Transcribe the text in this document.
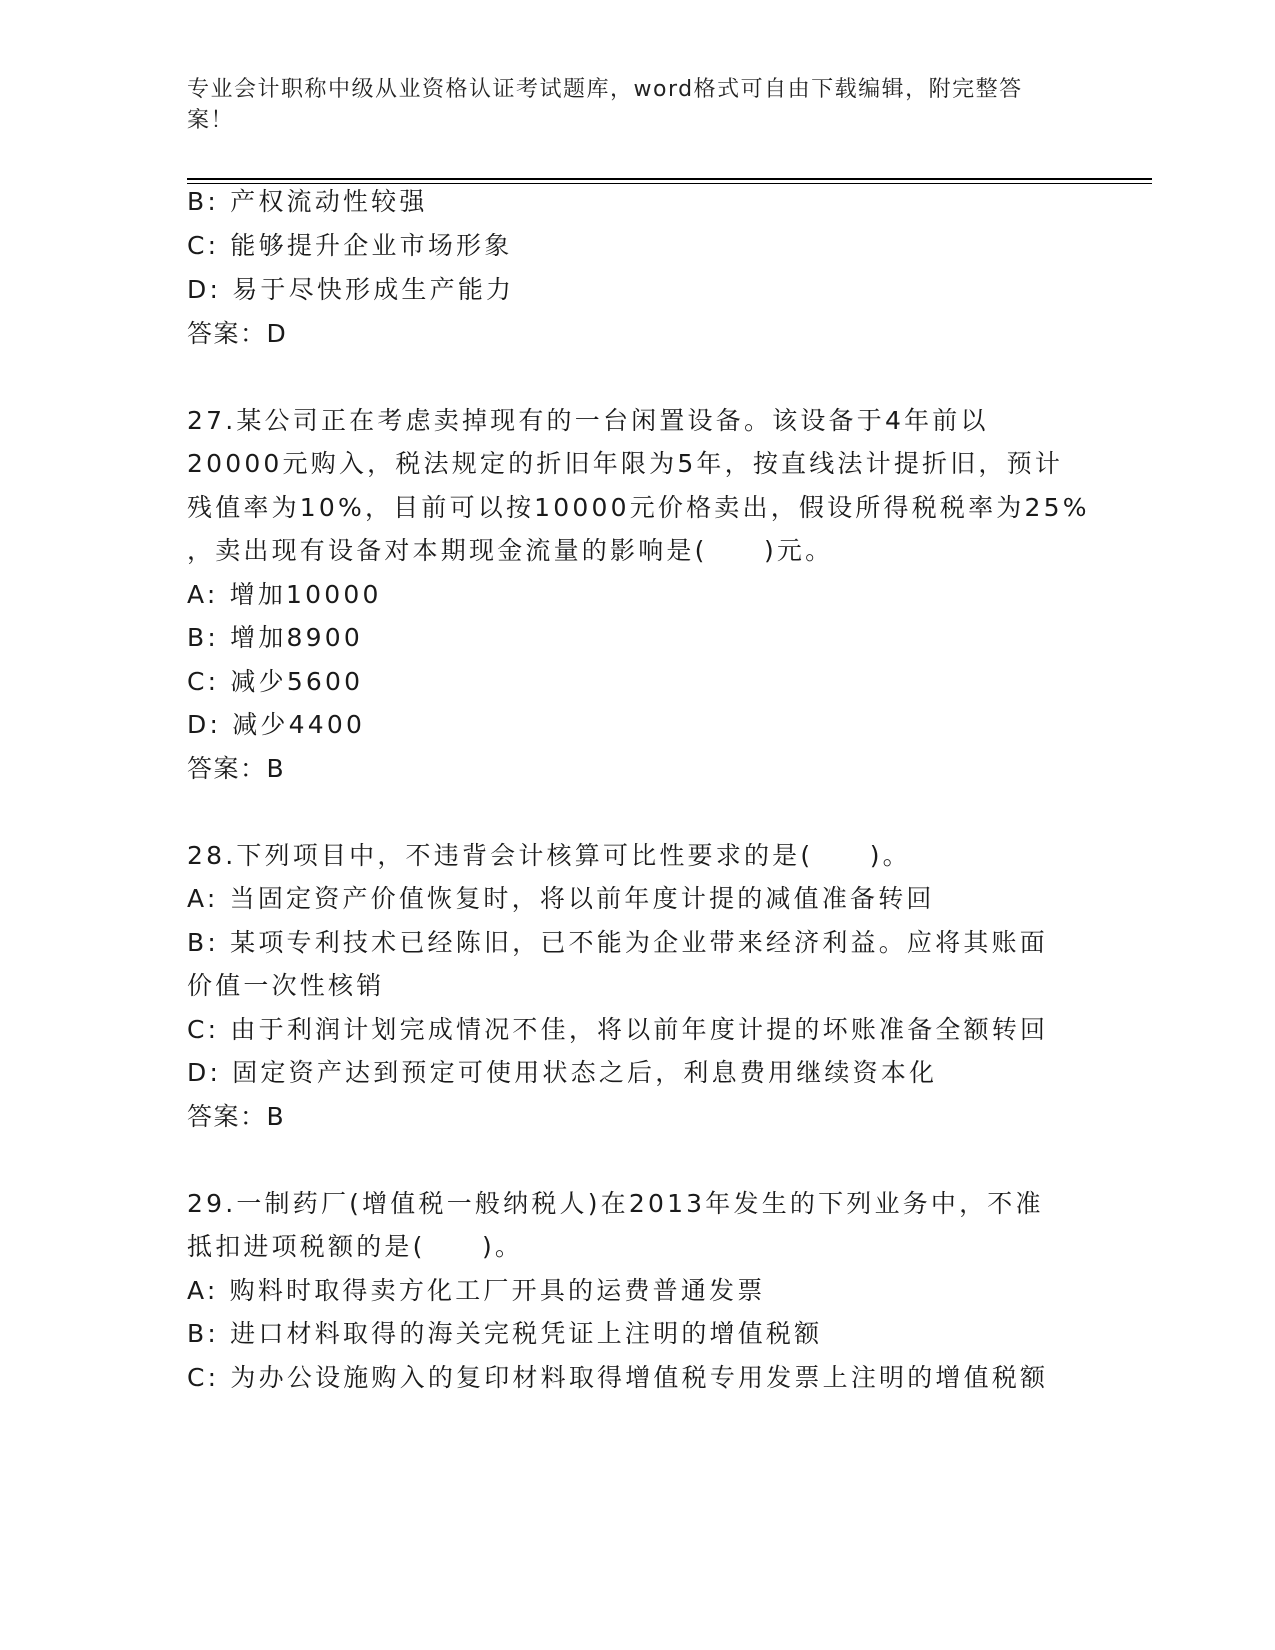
专业会计职称中级从业资格认证考试题库，word格式可自由下载编辑，附完整答案！
B: 产权流动性较强
C: 能够提升企业市场形象
D: 易于尽快形成生产能力
答案：D
27.某公司正在考虑卖掉现有的一台闲置设备。该设备于4年前以
20000元购入，税法规定的折旧年限为5年，按直线法计提折旧，预计
残值率为10%，目前可以按10000元价格卖出，假设所得税税率为25%
，卖出现有设备对本期现金流量的影响是(　　)元。
A: 增加10000
B: 增加8900
C: 减少5600
D: 减少4400
答案：B
28.下列项目中，不违背会计核算可比性要求的是(　　)。
A: 当固定资产价值恢复时，将以前年度计提的减值准备转回
B: 某项专利技术已经陈旧，已不能为企业带来经济利益。应将其账面
价值一次性核销
C: 由于利润计划完成情况不佳，将以前年度计提的坏账准备全额转回
D: 固定资产达到预定可使用状态之后，利息费用继续资本化
答案：B
29.一制药厂(增值税一般纳税人)在2013年发生的下列业务中，不准
抵扣进项税额的是(　　)。
A: 购料时取得卖方化工厂开具的运费普通发票
B: 进口材料取得的海关完税凭证上注明的增值税额
C: 为办公设施购入的复印材料取得增值税专用发票上注明的增值税额
